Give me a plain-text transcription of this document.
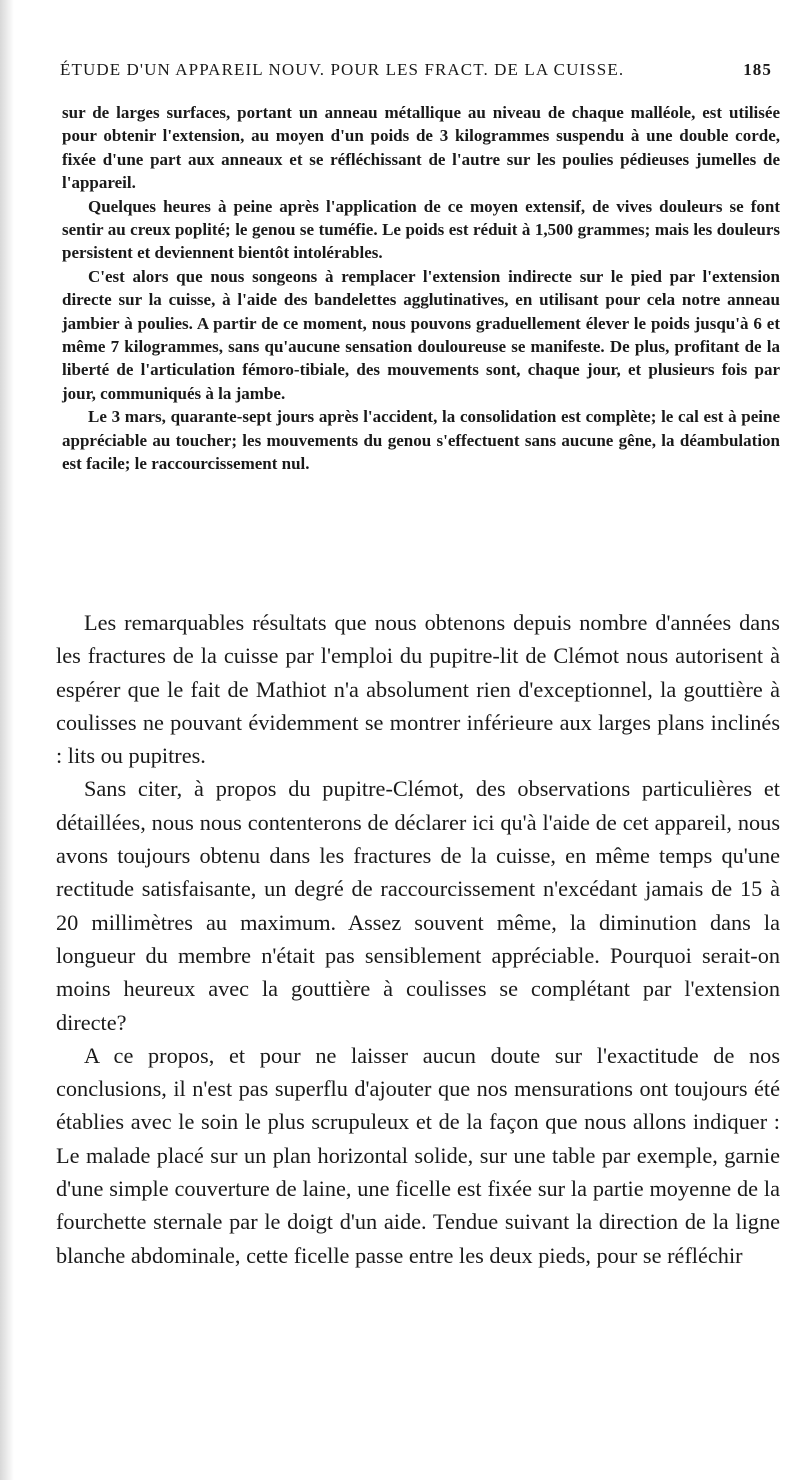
ÉTUDE D'UN APPAREIL NOUV. POUR LES FRACT. DE LA CUISSE.	185

sur de larges surfaces, portant un anneau métallique au niveau de chaque malléole, est utilisée pour obtenir l'extension, au moyen d'un poids de 3 kilogrammes suspendu à une double corde, fixée d'une part aux anneaux et se réfléchissant de l'autre sur les poulies pédieuses jumelles de l'appareil.

Quelques heures à peine après l'application de ce moyen extensif, de vives douleurs se font sentir au creux poplité; le genou se tuméfie. Le poids est réduit à 1,500 grammes; mais les douleurs persistent et deviennent bientôt intolérables.

C'est alors que nous songeons à remplacer l'extension indirecte sur le pied par l'extension directe sur la cuisse, à l'aide des bandelettes agglutinatives, en utilisant pour cela notre anneau jambier à poulies. A partir de ce moment, nous pouvons graduellement élever le poids jusqu'à 6 et même 7 kilogrammes, sans qu'aucune sensation douloureuse se manifeste. De plus, profitant de la liberté de l'articulation fémoro-tibiale, des mouvements sont, chaque jour, et plusieurs fois par jour, communiqués à la jambe.

Le 3 mars, quarante-sept jours après l'accident, la consolidation est complète; le cal est à peine appréciable au toucher; les mouvements du genou s'effectuent sans aucune gêne, la déambulation est facile; le raccourcissement nul.

Les remarquables résultats que nous obtenons depuis nombre d'années dans les fractures de la cuisse par l'emploi du pupitre-lit de Clémot nous autorisent à espérer que le fait de Mathiot n'a absolument rien d'exceptionnel, la gouttière à coulisses ne pouvant évidemment se montrer inférieure aux larges plans inclinés : lits ou pupitres.

Sans citer, à propos du pupitre-Clémot, des observations particulières et détaillées, nous nous contenterons de déclarer ici qu'à l'aide de cet appareil, nous avons toujours obtenu dans les fractures de la cuisse, en même temps qu'une rectitude satisfaisante, un degré de raccourcissement n'excédant jamais de 15 à 20 millimètres au maximum. Assez souvent même, la diminution dans la longueur du membre n'était pas sensiblement appréciable. Pourquoi serait-on moins heureux avec la gouttière à coulisses se complétant par l'extension directe?

A ce propos, et pour ne laisser aucun doute sur l'exactitude de nos conclusions, il n'est pas superflu d'ajouter que nos mensurations ont toujours été établies avec le soin le plus scrupuleux et de la façon que nous allons indiquer : Le malade placé sur un plan horizontal solide, sur une table par exemple, garnie d'une simple couverture de laine, une ficelle est fixée sur la partie moyenne de la fourchette sternale par le doigt d'un aide. Tendue suivant la direction de la ligne blanche abdominale, cette ficelle passe entre les deux pieds, pour se réfléchir
